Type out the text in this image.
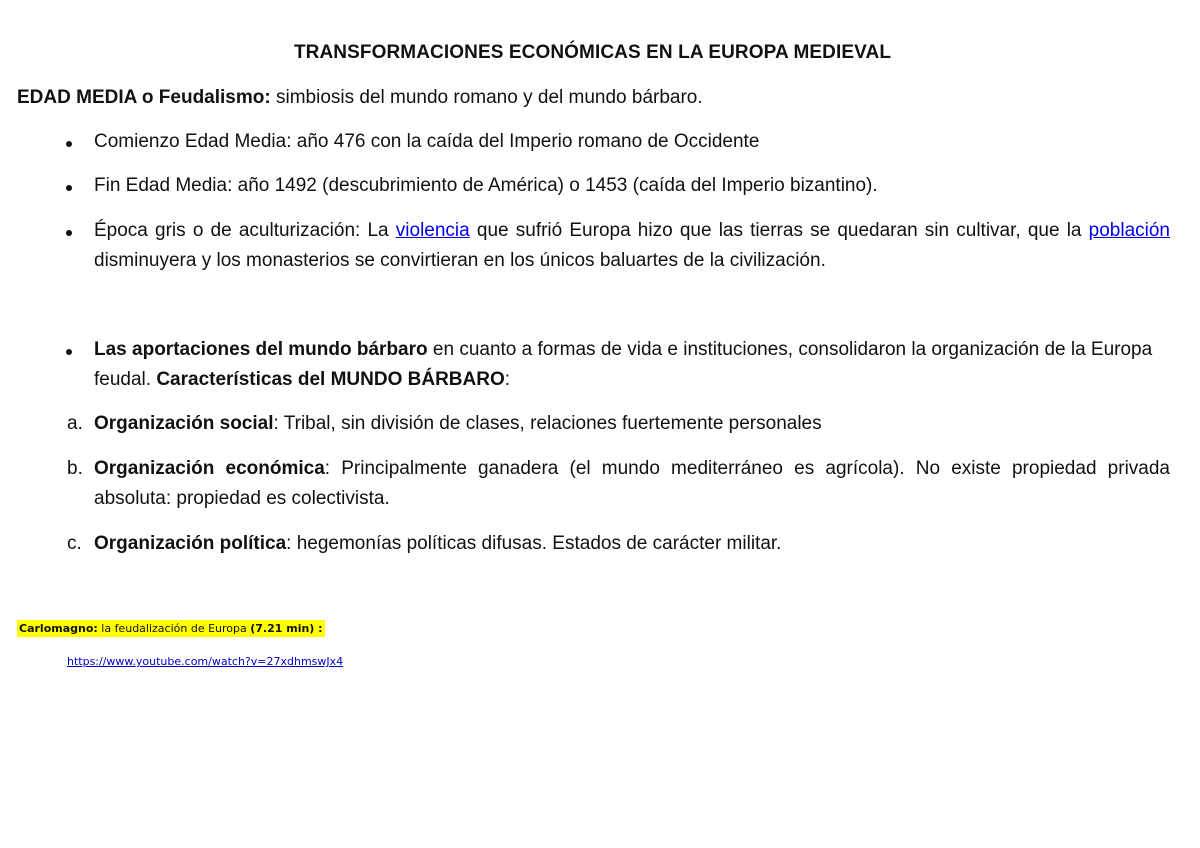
TRANSFORMACIONES ECONÓMICAS EN LA EUROPA MEDIEVAL
EDAD MEDIA o Feudalismo: simbiosis del mundo romano y del mundo bárbaro.
Comienzo Edad Media: año 476 con la caída del Imperio romano de Occidente
Fin Edad Media: año 1492 (descubrimiento de América) o 1453 (caída del Imperio bizantino).
Época gris o de aculturización: La violencia que sufrió Europa hizo que las tierras se quedaran sin cultivar, que la población disminuyera y los monasterios se convirtieran en los únicos baluartes de la civilización.
Las aportaciones del mundo bárbaro en cuanto a formas de vida e instituciones, consolidaron la organización de la Europa feudal. Características del MUNDO BÁRBARO:
a. Organización social: Tribal, sin división de clases, relaciones fuertemente personales
b. Organización económica: Principalmente ganadera (el mundo mediterráneo es agrícola). No existe propiedad privada absoluta: propiedad es colectivista.
c. Organización política: hegemonías políticas difusas. Estados de carácter militar.
Carlomagno: la feudalización de Europa (7.21 min) :
https://www.youtube.com/watch?v=27xdhmswJx4
